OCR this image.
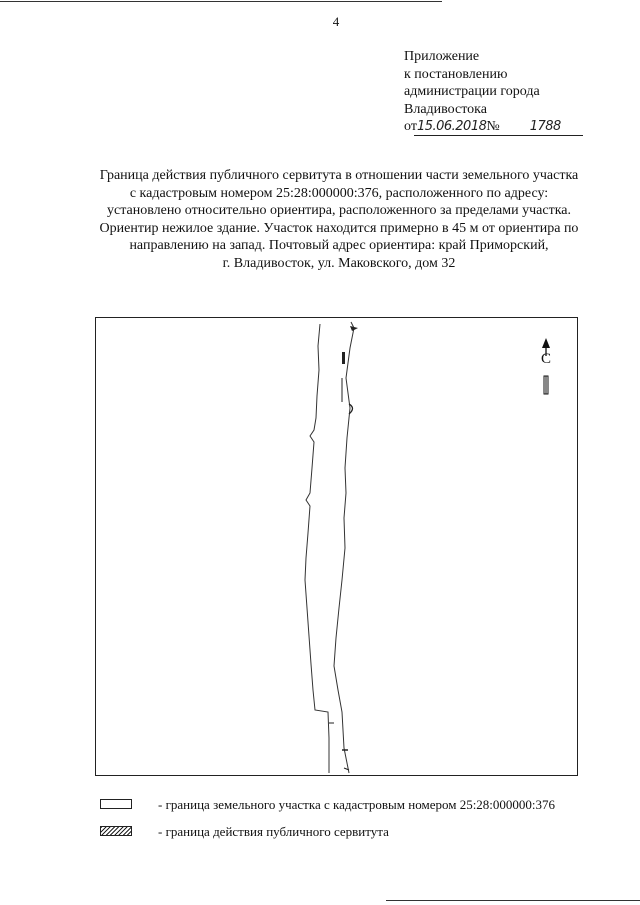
4
Приложение
к постановлению
администрации города
Владивостока
от15.06.2018№ 1788
Граница действия публичного сервитута в отношении части земельного участка
с кадастровым номером 25:28:000000:376, расположенного по адресу:
установлено относительно ориентира, расположенного за пределами участка.
Ориентир нежилое здание. Участок находится примерно в 45 м от ориентира по
направлению на запад. Почтовый адрес ориентира: край Приморский,
г. Владивосток, ул. Маковского, дом 32
С
- граница земельного участка с кадастровым номером 25:28:000000:376
- граница действия публичного сервитута
